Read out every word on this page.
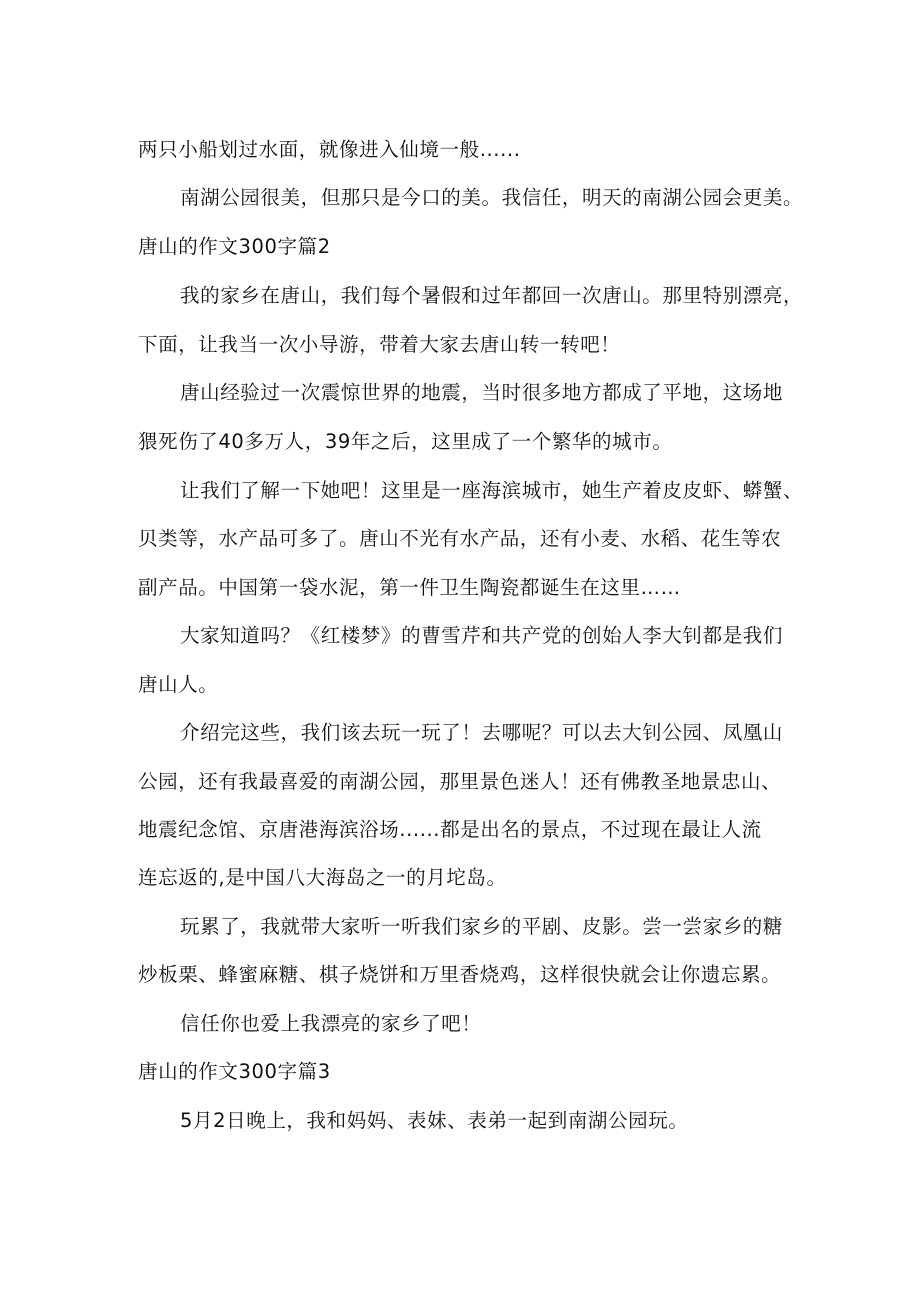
两只小船划过水面，就像进入仙境一般......
南湖公园很美，但那只是今口的美。我信任，明天的南湖公园会更美。
唐山的作文300字篇2
我的家乡在唐山，我们每个暑假和过年都回一次唐山。那里特别漂亮，
下面，让我当一次小导游，带着大家去唐山转一转吧！
唐山经验过一次震惊世界的地震，当时很多地方都成了平地，这场地
猥死伤了40多万人，39年之后，这里成了一个繁华的城市。
让我们了解一下她吧！这里是一座海滨城市，她生产着皮皮虾、蟒蟹、
贝类等，水产品可多了。唐山不光有水产品，还有小麦、水稻、花生等农
副产品。中国第一袋水泥，第一件卫生陶瓷都诞生在这里……
大家知道吗？《红楼梦》的曹雪芹和共产党的创始人李大钊都是我们
唐山人。
介绍完这些，我们该去玩一玩了！去哪呢？可以去大钊公园、凤凰山
公园，还有我最喜爱的南湖公园，那里景色迷人！还有佛教圣地景忠山、
地震纪念馆、京唐港海滨浴场......都是出名的景点，不过现在最让人流
连忘返的,是中国八大海岛之一的月坨岛。
玩累了，我就带大家听一听我们家乡的平剧、皮影。尝一尝家乡的糖
炒板栗、蜂蜜麻糖、棋子烧饼和万里香烧鸡，这样很快就会让你遗忘累。
信任你也爱上我漂亮的家乡了吧！
唐山的作文300字篇3
5月2日晚上，我和妈妈、表妹、表弟一起到南湖公园玩。
